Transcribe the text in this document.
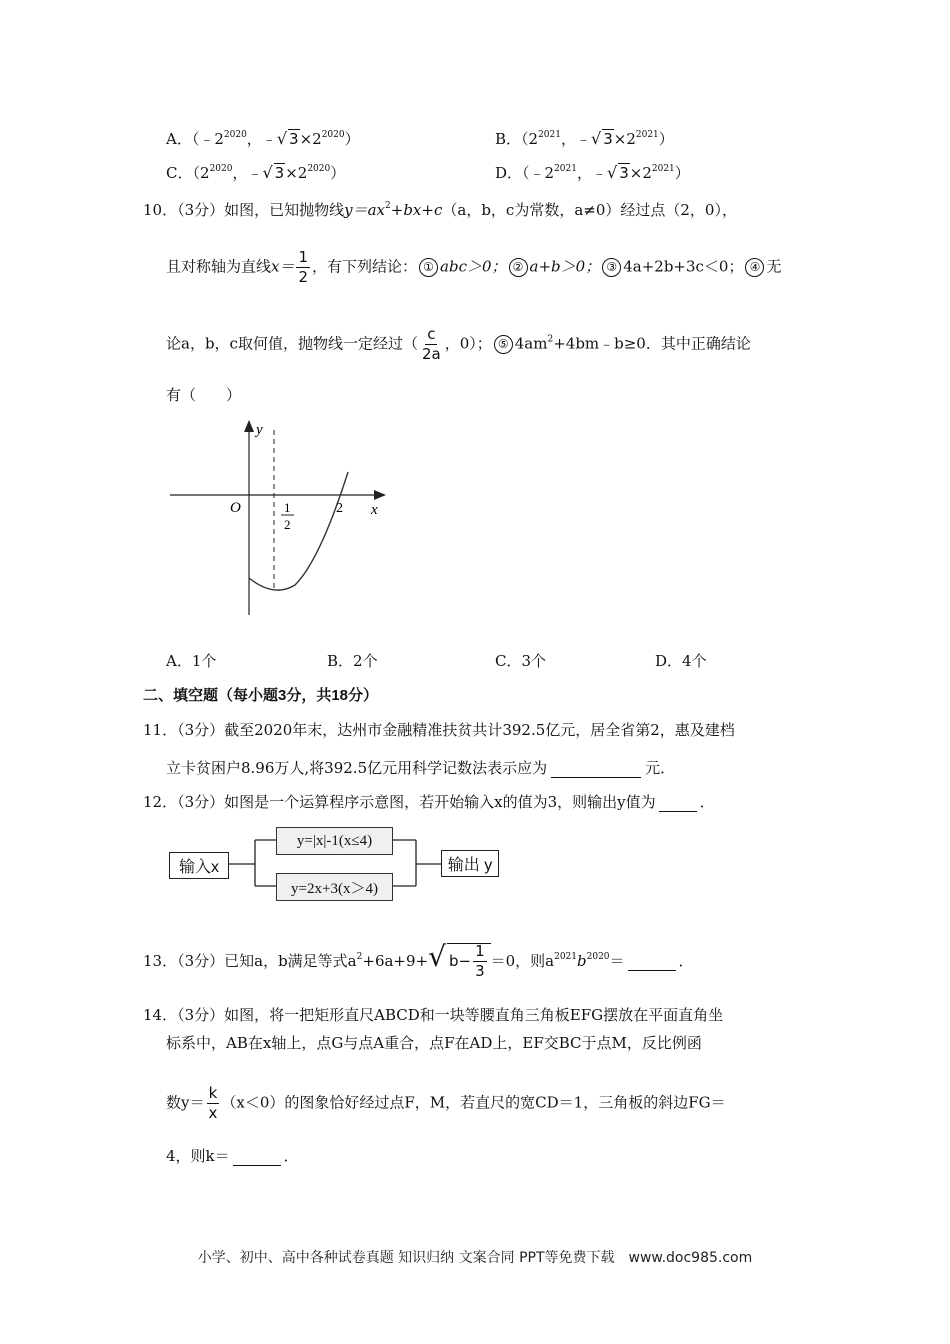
A．（$﹣2^{2020}$，﹣√ $3\times 2^{2020}$）	B．（$2^{2021}$，﹣√ $3\times 2^{2021}$）
C．（$2^{2020}$，﹣√ $3\times 2^{2020}$）	D．（$﹣2^{2021}$，﹣√ $3\times 2^{2021}$）
10．（3分）如图，已知抛物线$y=ax^2+bx+c(a$，b，c为常数，a≠0）经过点（2，0），
且对称轴为直线$x= \frac{1}{2}$ ，有下列结论： ① abc＞0； ② a+b＞0； ③ 4a+2b+3c＜0； ④ 无
论a，b，c取何值，抛物线一定经过（ $\frac{c}{2a}$ ，0）； ⑤ $4am^2+4bm﹣b\ge 0$．其中正确结论
有（　　）
y
x
O	1
2
2
A．1个	B．2个	C．3个	D．4个
二、填空题（每小题3分，共18分）
11．（3分）截至2020年末，达州市金融精准扶贫共计392.5亿元，居全省第2，惠及建档
立卡贫困户8.96万人,将392.5亿元用科学记数法表示应为	元．
12．（3分）如图是一个运算程序示意图，若开始输入x的值为3，则输出y值为	．
输入x
y=|x|-1(x≤4)
y=2x+3(x＞4)
输出 y
13．（3分）已知a，b满足等式$a^2+6a+9+√$ $b- \frac{1}{3} =0$，则$a^{2021}b^{2020}=$	．
14．（3分）如图，将一把矩形直尺ABCD和一块等腰直角三角板EFG摆放在平面直角坐
标系中，AB在x轴上，点G与点A重合，点F在AD上，EF交BC于点M，反比例函
数$y= \frac{k}{x} (x<0)$的图象恰好经过点F，M，若直尺的宽CD＝1，三角板的斜边FG＝
4，则k＝	．
小学、初中、高中各种试卷真题 知识归纳 文案合同 PPT等免费下载　www.doc985.com
